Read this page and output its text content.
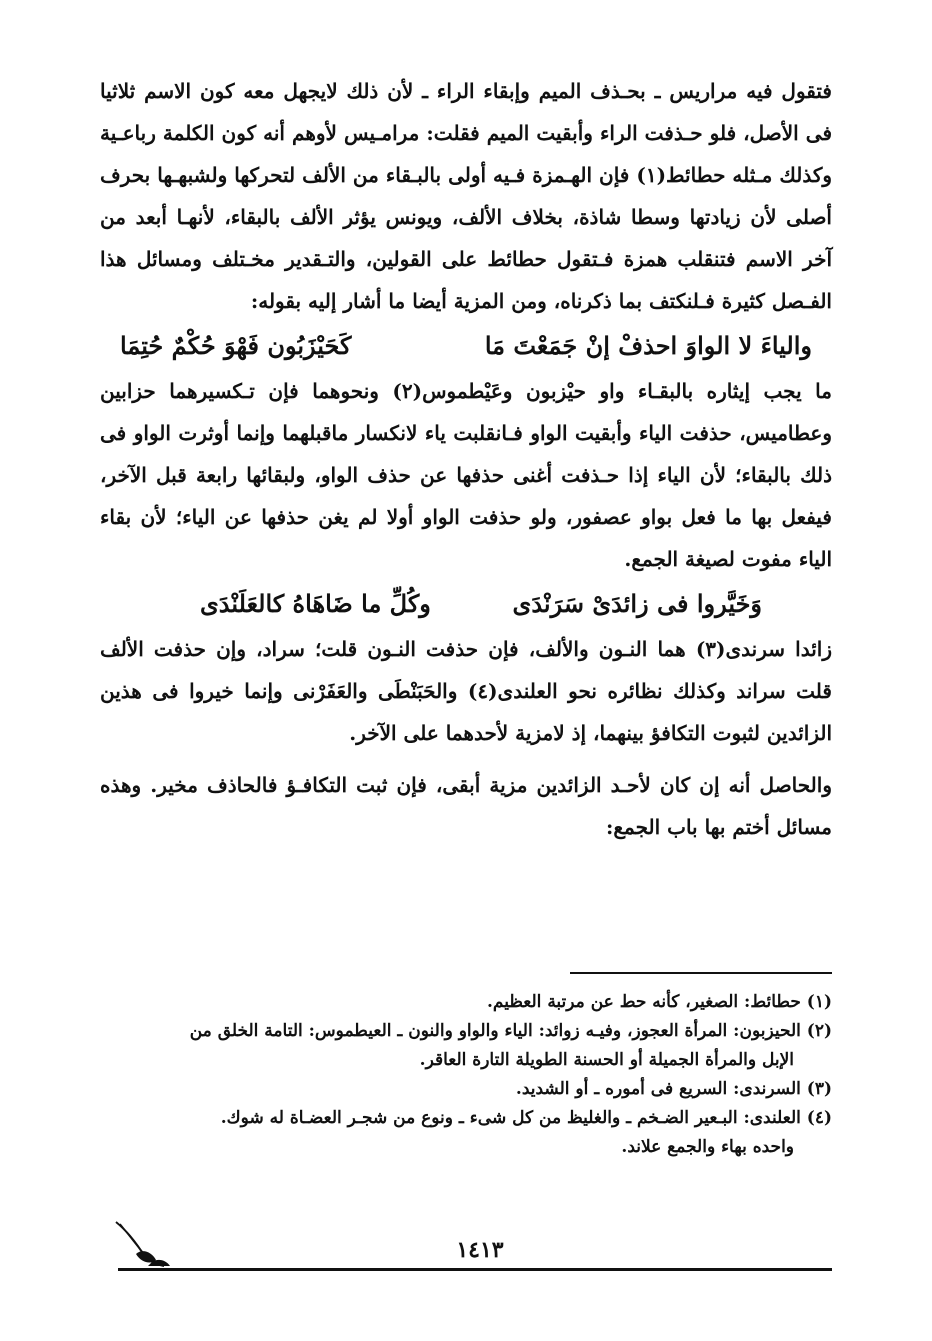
فتقول فيه مراريس ـ بحـذف الميم وإبقاء الراء ـ لأن ذلك لايجهل معه كون الاسم ثلاثيا فى الأصل، فلو حـذفت الراء وأبقيت الميم فقلت: مرامـيس لأوهم أنه كون الكلمة رباعـية وكذلك مـثله حطائط(١) فإن الهـمزة فـيه أولى بالبـقاء من الألف لتحركها ولشبهـها بحرف أصلى لأن زيادتها وسطا شاذة، بخلاف الألف، ويونس يؤثر الألف بالبقاء، لأنهـا أبعد من آخر الاسم فتنقلب همزة فـتقول حطائط على القولين، والتـقدير مخـتلف ومسائل هذا الفـصل كثيرة فـلنكتف بما ذكرناه، ومن المزية أيضا ما أشار إليه بقوله:

والياءَ لا الواوَ احذفْ إنْ جَمَعْتَ مَا
كَحَيْزَبُون فَهْوَ حُكْمٌ حُتِمَا

ما يجب إيثاره بالبقـاء واو حيْزبون وعَيْطموس(٢) ونحوهما فإن تـكسيرهما حزابين وعطاميس، حذفت الياء وأبقيت الواو فـانقلبت ياء لانكسار ماقبلهما وإنما أوثرت الواو فى ذلك بالبقاء؛ لأن الياء إذا حـذفت أغنى حذفها عن حذف الواو، ولبقائها رابعة قبل الآخر، فيفعل بها ما فعل بواو عصفور، ولو حذفت الواو أولا لم يغن حذفها عن الياء؛ لأن بقاء الياء مفوت لصيغة الجمع.

وَخَيَّروا فى زائدَىْ سَرَنْدَى
وكُلِّ ما ضَاهَاهُ كالعَلَنْدَى

زائدا سرندى(٣) هما النـون والألف، فإن حذفت النـون قلت؛ سراد، وإن حذفت الألف قلت سراند وكذلك نظائره نحو العلندى(٤) والحَبَنْطَى والعَفَرْنى وإنما خيروا فى هذين الزائدين لثبوت التكافؤ بينهما، إذ لامزية لأحدهما على الآخر.

والحاصل أنه إن كان لأحـد الزائدين مزية أبقى، فإن ثبت التكافـؤ فالحاذف مخير. وهذه مسائل أختم بها باب الجمع:

(١) حطائط: الصغير، كأنه حط عن مرتبة العظيم.

(٢) الحيزبون: المرأة العجوز، وفيـه زوائد: الياء والواو والنون ـ العيطموس: التامة الخلق من
الإبل والمرأة الجميلة أو الحسنة الطويلة التارة العاقر.

(٣) السرندى: السريع فى أموره ـ أو الشديد.

(٤) العلندى: البـعير الضـخم ـ والغليظ من كل شىء ـ ونوع من شجـر العضـاة له شوك.
واحده بهاء والجمع علاند.

١٤١٣
